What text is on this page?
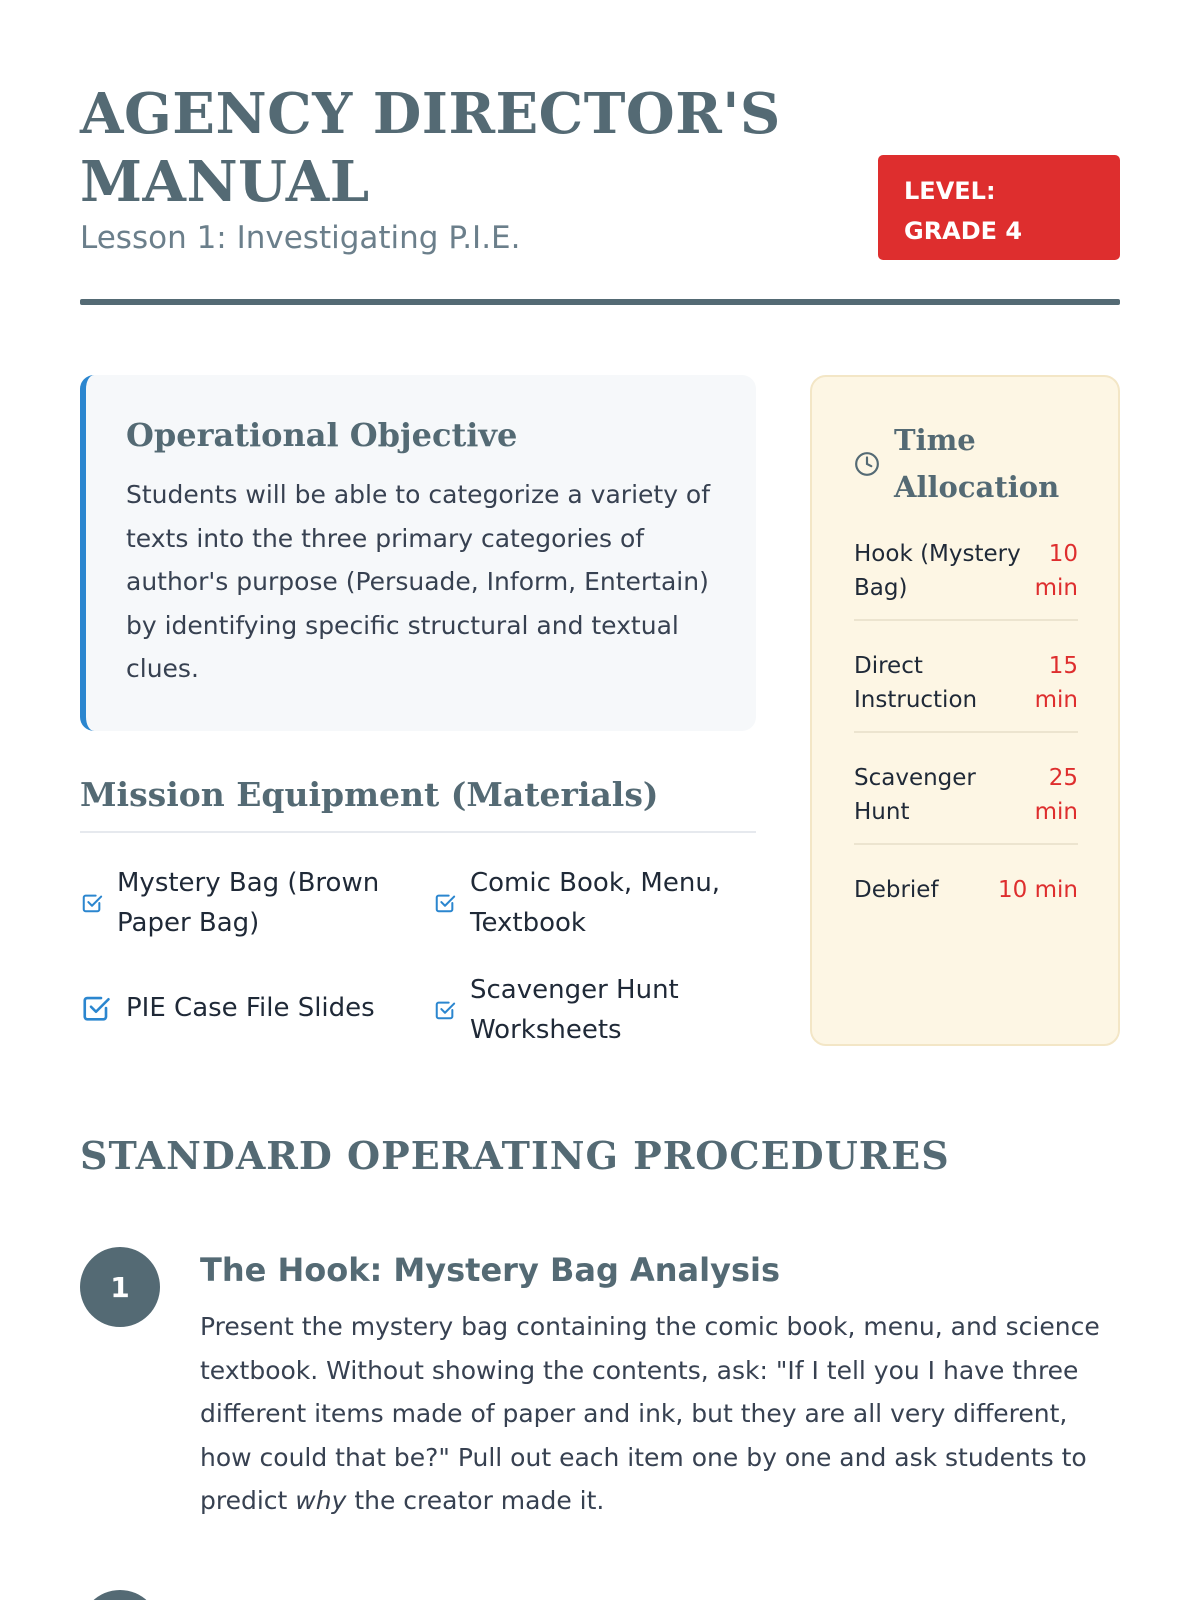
AGENCY DIRECTOR'S MANUAL
Lesson 1: Investigating P.I.E.
LEVEL:
GRADE 4
Operational Objective

Students will be able to categorize a variety of texts into the three primary categories of author's purpose (Persuade, Inform, Entertain) by identifying specific structural and textual clues.

Mission Equipment (Materials)
Mystery Bag (Brown Paper Bag)
Comic Book, Menu, Textbook
PIE Case File Slides
Scavenger Hunt Worksheets
Time Allocation
Hook (Mystery Bag)
10 min
Direct Instruction
15 min
Scavenger Hunt
25 min
Debrief	10 min
STANDARD OPERATING PROCEDURES
1	The Hook: Mystery Bag Analysis

Present the mystery bag containing the comic book, menu, and science textbook. Without showing the contents, ask: "If I tell you I have three different items made of paper and ink, but they are all very different, how could that be?" Pull out each item one by one and ask students to predict why the creator made it.
